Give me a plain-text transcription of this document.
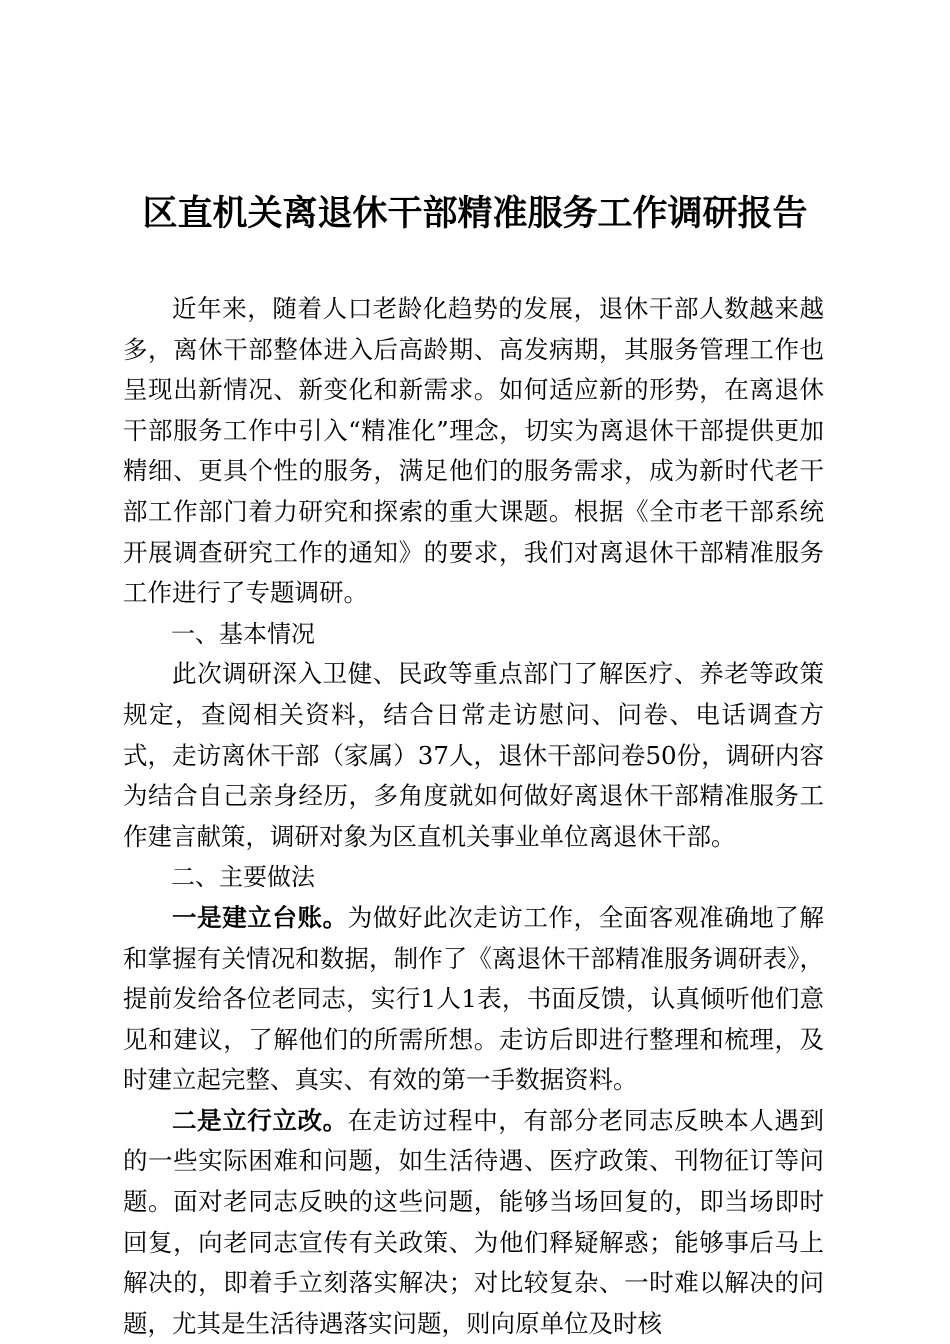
区直机关离退休干部精准服务工作调研报告

近年来，随着人口老龄化趋势的发展，退休干部人数越来越多，离休干部整体进入后高龄期、高发病期，其服务管理工作也呈现出新情况、新变化和新需求。如何适应新的形势，在离退休干部服务工作中引入“精准化”理念，切实为离退休干部提供更加精细、更具个性的服务，满足他们的服务需求，成为新时代老干部工作部门着力研究和探索的重大课题。根据《全市老干部系统开展调查研究工作的通知》的要求，我们对离退休干部精准服务工作进行了专题调研。

一、基本情况

此次调研深入卫健、民政等重点部门了解医疗、养老等政策规定，查阅相关资料，结合日常走访慰问、问卷、电话调查方式，走访离休干部（家属）37人，退休干部问卷50份，调研内容为结合自己亲身经历，多角度就如何做好离退休干部精准服务工作建言献策，调研对象为区直机关事业单位离退休干部。

二、主要做法

一是建立台账。为做好此次走访工作，全面客观准确地了解和掌握有关情况和数据，制作了《离退休干部精准服务调研表》，提前发给各位老同志，实行1人1表，书面反馈，认真倾听他们意见和建议，了解他们的所需所想。走访后即进行整理和梳理，及时建立起完整、真实、有效的第一手数据资料。

二是立行立改。在走访过程中，有部分老同志反映本人遇到的一些实际困难和问题，如生活待遇、医疗政策、刊物征订等问题。面对老同志反映的这些问题，能够当场回复的，即当场即时回复，向老同志宣传有关政策、为他们释疑解惑；能够事后马上解决的，即着手立刻落实解决；对比较复杂、一时难以解决的问题，尤其是生活待遇落实问题，则向原单位及时核
